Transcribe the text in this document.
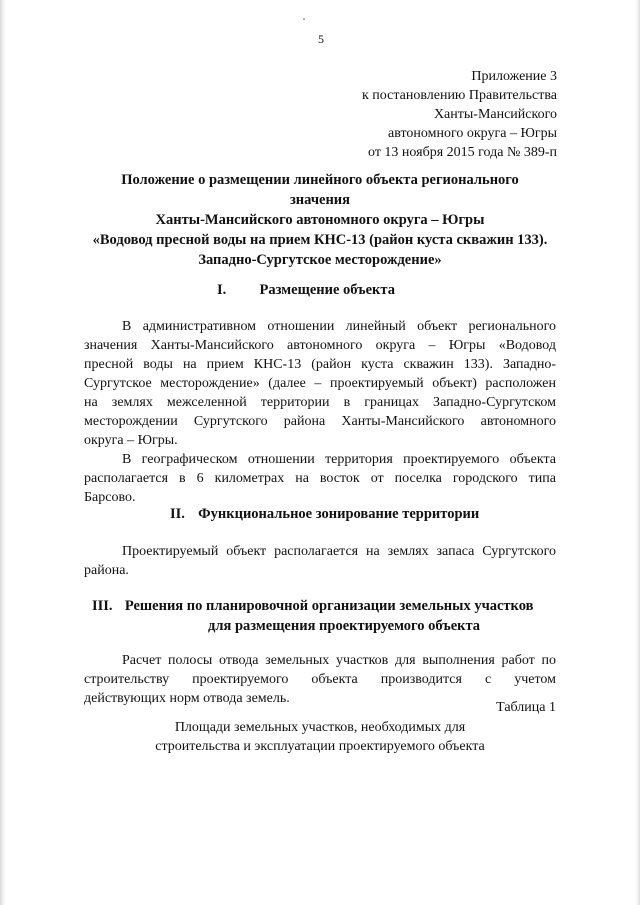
5
Приложение 3
к постановлению Правительства
Ханты-Мансийского
автономного округа – Югры
от 13 ноября 2015 года № 389-п
Положение о размещении линейного объекта регионального
значения
Ханты-Мансийского автономного округа – Югры
«Водовод пресной воды на прием КНС-13 (район куста скважин 133).
Западно-Сургутское месторождение»
I. Размещение объекта
В административном отношении линейный объект регионального
значения Ханты-Мансийского автономного округа – Югры «Водовод
пресной воды на прием КНС-13 (район куста скважин 133). Западно-
Сургутское месторождение» (далее – проектируемый объект) расположен
на землях межселенной территории в границах Западно-Сургутском
месторождении Сургутского района Ханты-Мансийского автономного
округа – Югры.
В географическом отношении территория проектируемого объекта
располагается в 6 километрах на восток от поселка городского типа
Барсово.
II. Функциональное зонирование территории
Проектируемый объект располагается на землях запаса Сургутского
района.
III. Решения по планировочной организации земельных участков
для размещения проектируемого объекта
Расчет полосы отвода земельных участков для выполнения работ по
строительству проектируемого объекта производится с учетом
действующих норм отвода земель.
Таблица 1
Площади земельных участков, необходимых для
строительства и эксплуатации проектируемого объекта
